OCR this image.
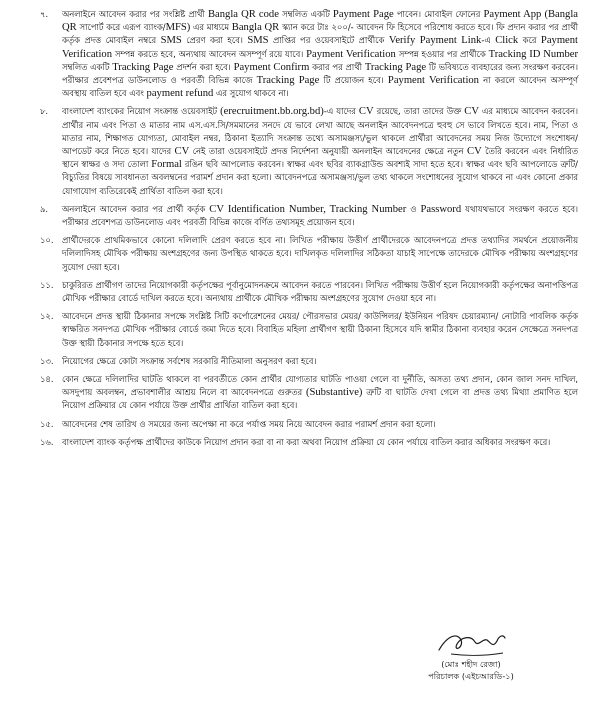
৭.	অনলাইনে আবেদন করার পর সংশ্লিষ্ট প্রার্থী Bangla QR code সম্বলিত একটি Payment Page পাবেন। মোবাইল ফোনের Payment App (Bangla QR সাপোর্ট করে এরূপ ব্যাংক/MFS) এর মাধ্যমে Bangla QR স্ক্যান করে টাঃ ২০০/- আবেদন ফি হিসেবে পরিশোধ করতে হবে। ফি প্রদান করার পর প্রার্থী কর্তৃক প্রদত্ত মোবাইল নম্বরে SMS প্রেরণ করা হবে। SMS প্রাপ্তির পর ওয়েবসাইটে প্রার্থীকে Verify Payment Link-এ Click করে Payment Verification সম্পন্ন করতে হবে, অন্যথায় আবেদন অসম্পূর্ণ রয়ে যাবে। Payment Verification সম্পন্ন হওয়ার পর প্রার্থীকে Tracking ID Number সম্বলিত একটি Tracking Page প্রদর্শন করা হবে। Payment Confirm করার পর প্রার্থী Tracking Page টি ভবিষ্যতে ব্যবহারের জন্য সংরক্ষণ করবেন। পরীক্ষার প্রবেশপত্র ডাউনলোড ও পরবর্তী বিভিন্ন কাজে Tracking Page টি প্রয়োজন হবে। Payment Verification না করলে আবেদন অসম্পূর্ণ অবস্থায় বাতিল হবে এবং payment refund এর সুযোগ থাকবে না।
৮.	বাংলাদেশ ব্যাংকের নিয়োগ সংক্রান্ত ওয়েবসাইট (erecruitment.bb.org.bd)-এ যাদের CV রয়েছে, তারা তাদের উক্ত CV এর মাধ্যমে আবেদন করবেন। প্রার্থীর নাম এবং পিতা ও মাতার নাম এস.এস.সি/সমমানের সনদে যে ভাবে লেখা আছে অনলাইন আবেদনপত্রে হুবহু সে ভাবে লিখতে হবে। নাম, পিতা ও মাতার নাম, শিক্ষাগত যোগ্যতা, মোবাইল নম্বর, ঠিকানা ইত্যাদি সংক্রান্ত তথ্যে অসামঞ্জস্য/ভুল থাকলে প্রার্থীরা আবেদনের সময় নিজ উদ্যোগে সংশোধন/আপডেট করে নিতে হবে। যাদের CV নেই তারা ওয়েবসাইটে প্রদত্ত নির্দেশনা অনুযায়ী অনলাইন আবেদনের ক্ষেত্রে নতুন CV তৈরি করবেন এবং নির্ধারিত স্থানে স্বাক্ষর ও সদ্য তোলা Formal রঙিন ছবি আপলোড করবেন। স্বাক্ষর এবং ছবির ব্যাকগ্রাউন্ড অবশ্যই সাদা হতে হবে। স্বাক্ষর এবং ছবি আপলোডে ত্রুটি/বিচ্যুতির বিষয়ে সাবধানতা অবলম্বনের পরামর্শ প্রদান করা হলো। আবেদনপত্রে অসামঞ্জস্য/ভুল তথ্য থাকলে সংশোধনের সুযোগ থাকবে না এবং কোনো প্রকার যোগাযোগ ব্যতিরেকেই প্রার্থিতা বাতিল করা হবে।
৯.	অনলাইনে আবেদন করার পর প্রার্থী কর্তৃক CV Identification Number, Tracking Number ও Password যথাযথভাবে সংরক্ষণ করতে হবে। পরীক্ষার প্রবেশপত্র ডাউনলোড এবং পরবর্তী বিভিন্ন কাজে বর্ণিত তথ্যসমূহ প্রয়োজন হবে।
১০.	প্রার্থীদেরকে প্রাথমিকভাবে কোনো দলিলাদি প্রেরণ করতে হবে না। লিখিত পরীক্ষায় উত্তীর্ণ প্রার্থীদেরকে আবেদনপত্রে প্রদত্ত তথ্যাদির সমর্থনে প্রয়োজনীয় দলিলাদিসহ মৌখিক পরীক্ষায় অংশগ্রহণের জন্য উপস্থিত থাকতে হবে। দাখিলকৃত দলিলাদির সঠিকতা যাচাই সাপেক্ষে তাদেরকে মৌখিক পরীক্ষায় অংশগ্রহণের সুযোগ দেয়া হবে।
১১.	চাকুরিরত প্রার্থীগণ তাদের নিয়োগকারী কর্তৃপক্ষের পূর্বানুমোদনক্রমে আবেদন করতে পারবেন। লিখিত পরীক্ষায় উত্তীর্ণ হলে নিয়োগকারী কর্তৃপক্ষের অনাপত্তিপত্র মৌখিক পরীক্ষার বোর্ডে দাখিল করতে হবে। অন্যথায় প্রার্থীকে মৌখিক পরীক্ষায় অংশগ্রহণের সুযোগ দেওয়া হবে না।
১২.	আবেদনে প্রদত্ত স্থায়ী ঠিকানার সপক্ষে সংশ্লিষ্ট সিটি কর্পোরেশনের মেয়র/ পৌরসভার মেয়র/ কাউন্সিলর/ ইউনিয়ন পরিষদ চেয়ারম্যান/ নোটারি পাবলিক কর্তৃক স্বাক্ষরিত সনদপত্র মৌখিক পরীক্ষার বোর্ডে জমা দিতে হবে। বিবাহিত মহিলা প্রার্থীগণ স্থায়ী ঠিকানা হিসেবে যদি স্বামীর ঠিকানা ব্যবহার করেন সেক্ষেত্রে সনদপত্র উক্ত স্থায়ী ঠিকানার সপক্ষে হতে হবে।
১৩.	নিয়োগের ক্ষেত্রে কোটা সংক্রান্ত সর্বশেষ সরকারি নীতিমালা অনুসরণ করা হবে।
১৪.	কোন ক্ষেত্রে দলিলাদির ঘাটতি থাকলে বা পরবর্তীতে কোন প্রার্থীর যোগ্যতার ঘাটতি পাওয়া গেলে বা দুর্নীতি, অসত্য তথ্য প্রদান, কোন জাল সনদ দাখিল, অসদুপায় অবলম্বন, প্রভাবশালীর আশ্রয় নিলে বা আবেদনপত্রে গুরুতর (Substantive) ত্রুটি বা ঘাটতি দেখা গেলে বা প্রদত্ত তথ্য মিথ্যা প্রমাণিত হলে নিয়োগ প্রক্রিয়ার যে কোন পর্যায়ে উক্ত প্রার্থীর প্রার্থিতা বাতিল করা হবে।
১৫.	আবেদনের শেষ তারিখ ও সময়ের জন্য অপেক্ষা না করে পর্যাপ্ত সময় নিয়ে আবেদন করার পরামর্শ প্রদান করা হলো।
১৬.	বাংলাদেশ ব্যাংক কর্তৃপক্ষ প্রার্থীদের কাউকে নিয়োগ প্রদান করা বা না করা অথবা নিয়োগ প্রক্রিয়া যে কোন পর্যায়ে বাতিল করার অধিকার সংরক্ষণ করে।
(মোঃ শহীদ রেজা)
পরিচালক (এইচআরডি-১)
